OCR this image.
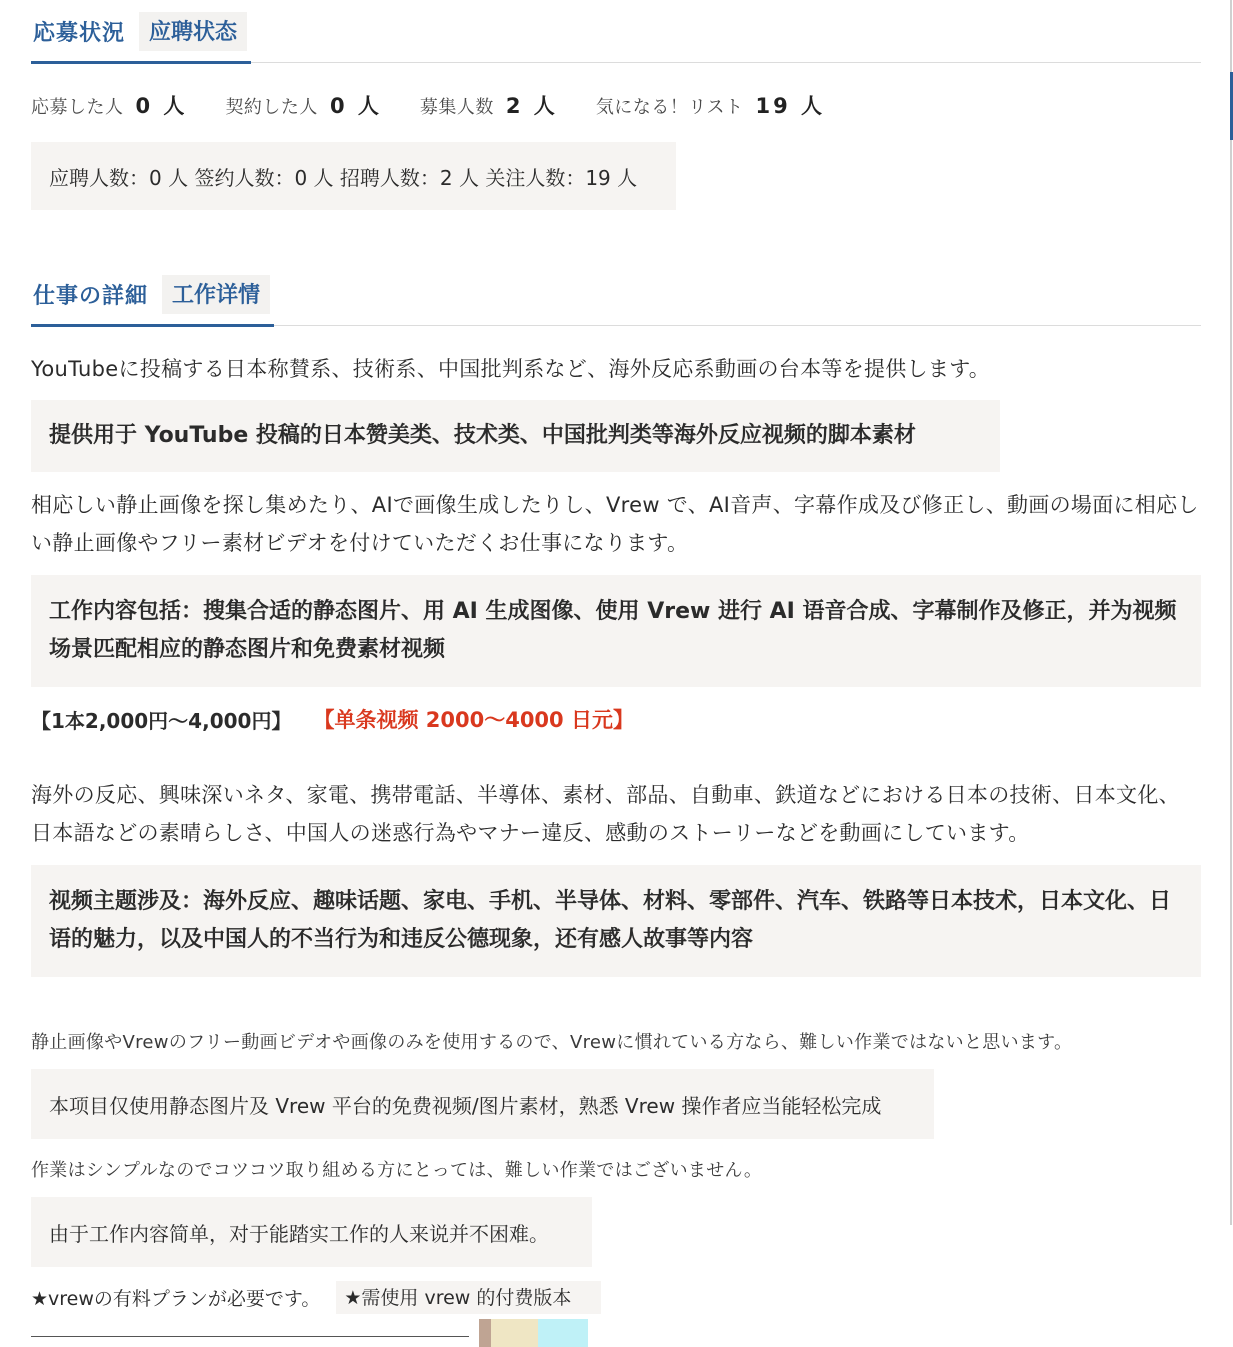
応募状況	应聘状态
応募した人 0 人 契約した人 0 人 募集人数 2 人 気になる！リスト 19 人
应聘人数：0 人 签约人数：0 人 招聘人数：2 人 关注人数：19 人
仕事の詳細	工作详情
YouTubeに投稿する日本称賛系、技術系、中国批判系など、海外反応系動画の台本等を提供します。
提供用于 YouTube 投稿的日本赞美类、技术类、中国批判类等海外反应视频的脚本素材
相応しい静止画像を探し集めたり、AIで画像生成したりし、Vrew で、AI音声、字幕作成及び修正し、動画の場面に相応しい静止画像やフリー素材ビデオを付けていただくお仕事になります。
工作内容包括：搜集合适的静态图片、用 AI 生成图像、使用 Vrew 进行 AI 语音合成、字幕制作及修正，并为视频场景匹配相应的静态图片和免费素材视频
【1本2,000円～4,000円】 【单条视频 2000～4000 日元】
海外の反応、興味深いネタ、家電、携帯電話、半導体、素材、部品、自動車、鉄道などにおける日本の技術、日本文化、日本語などの素晴らしさ、中国人の迷惑行為やマナー違反、感動のストーリーなどを動画にしています。
视频主题涉及：海外反应、趣味话题、家电、手机、半导体、材料、零部件、汽车、铁路等日本技术，日本文化、日语的魅力，以及中国人的不当行为和违反公德现象，还有感人故事等内容
静止画像やVrewのフリー動画ビデオや画像のみを使用するので、Vrewに慣れている方なら、難しい作業ではないと思います。
本项目仅使用静态图片及 Vrew 平台的免费视频/图片素材，熟悉 Vrew 操作者应当能轻松完成
作業はシンプルなのでコツコツ取り組める方にとっては、難しい作業ではございません。
由于工作内容简单，对于能踏实工作的人来说并不困难。
★vrewの有料プランが必要です。	★需使用 vrew 的付费版本
